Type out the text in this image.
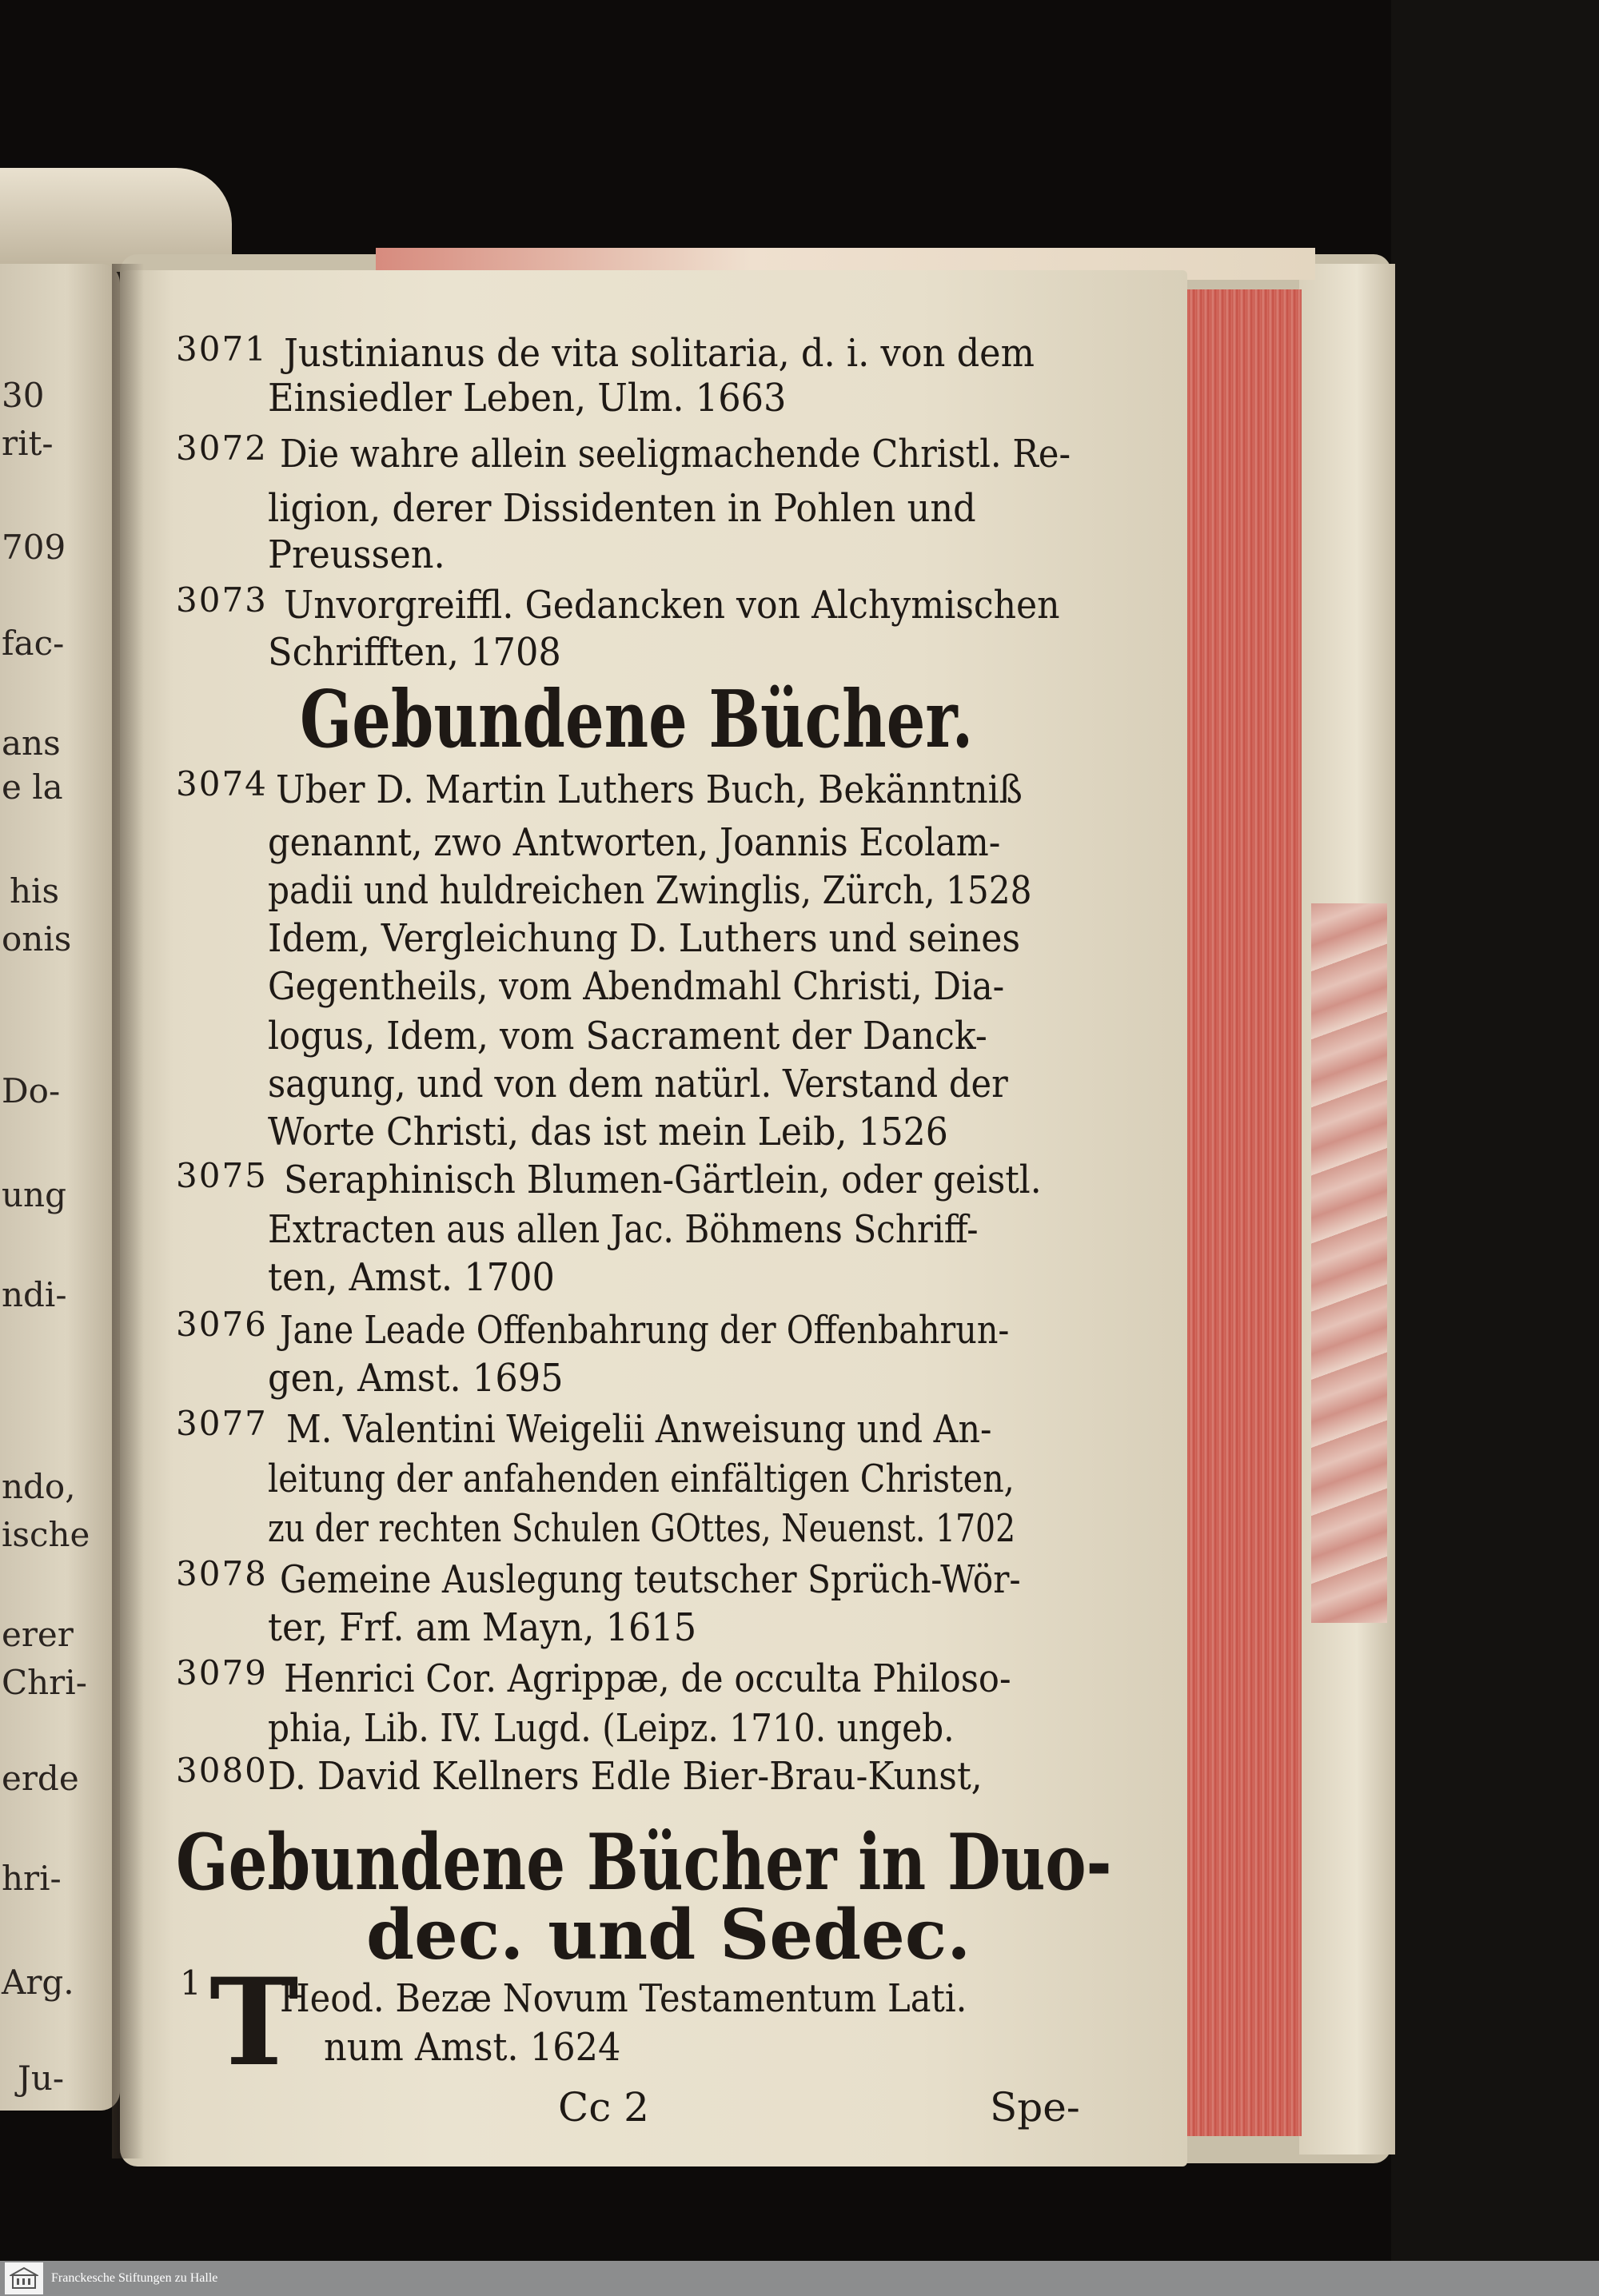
30
rit-
709
fac-
ans
e la
his
onis
Do-
ung
ndi-
ndo,
ische
erer
Chri-
erde
hri-
Arg.
Ju-
3071 Justinianus de vita solitaria, d. i. von dem
Einsiedler Leben, Ulm. 1663
3072 Die wahre allein seeligmachende Christl. Re-
ligion, derer Dissidenten in Pohlen und
Preussen.
3073 Unvorgreiffl. Gedancken von Alchymischen
Schrifften, 1708
Gebundene Bücher.
3074 Uber D. Martin Luthers Buch, Bekänntniß
genannt, zwo Antworten, Joannis Ecolam-
padii und huldreichen Zwinglis, Zürch, 1528
Idem, Vergleichung D. Luthers und seines
Gegentheils, vom Abendmahl Christi, Dia-
logus, Idem, vom Sacrament der Danck-
sagung, und von dem natürl. Verstand der
Worte Christi, das ist mein Leib, 1526
3075 Seraphinisch Blumen-Gärtlein, oder geistl.
Extracten aus allen Jac. Böhmens Schriff-
ten, Amst. 1700
3076 Jane Leade Offenbahrung der Offenbahrun-
gen, Amst. 1695
3077 M. Valentini Weigelii Anweisung und An-
leitung der anfahenden einfältigen Christen,
zu der rechten Schulen GOttes, Neuenst. 1702
3078 Gemeine Auslegung teutscher Sprüch-Wör-
ter, Frf. am Mayn, 1615
3079 Henrici Cor. Agrippæ, de occulta Philoso-
phia, Lib. IV. Lugd. (Leipz. 1710. ungeb.
3080 D. David Kellners Edle Bier-Brau-Kunst,
Gebundene Bücher in Duo-
dec. und Sedec.
1 T
Heod. Bezæ Novum Testamentum Lati.
num Amst. 1624
Cc 2	Spe-
Franckesche Stiftungen zu Halle
